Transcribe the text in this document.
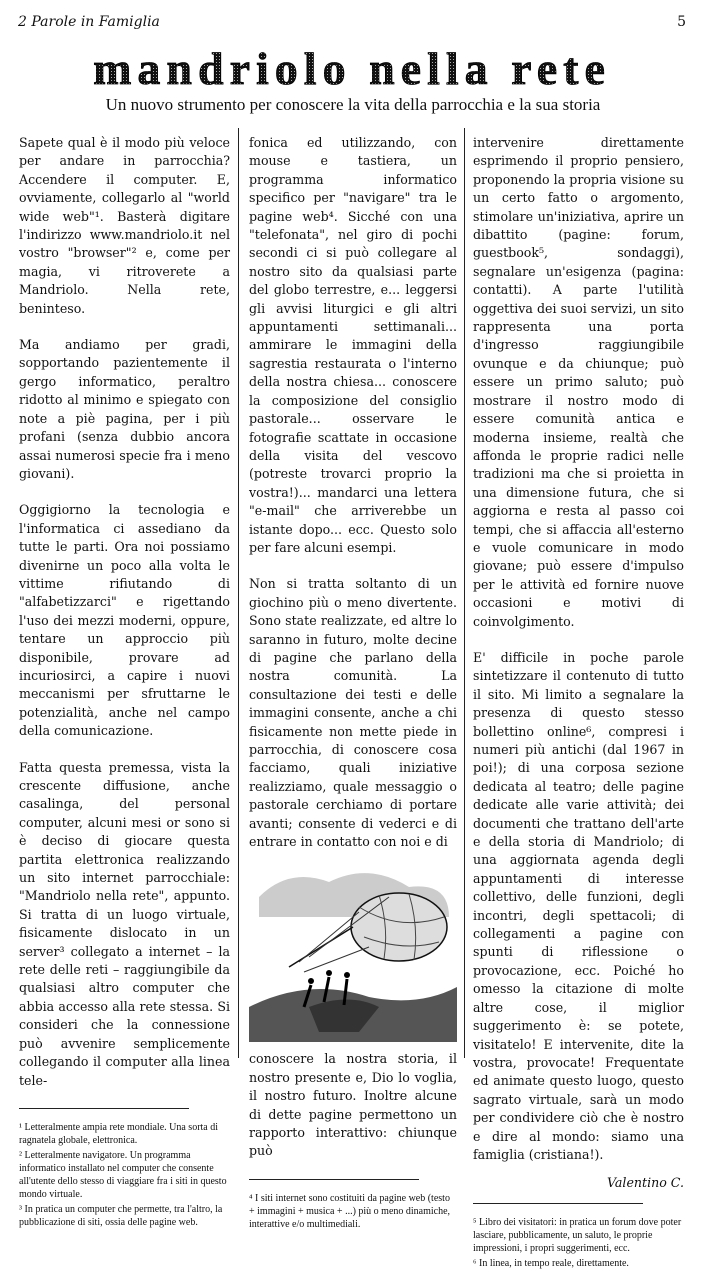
2 Parole in Famiglia	5
mandriolo nella rete
Un nuovo strumento per conoscere la vita della parrocchia e la sua storia

Sapete qual è il modo più veloce per andare in parrocchia? Accendere il computer. E, ovviamente, collegarlo al "world wide web"¹. Basterà digitare l'indirizzo www.mandriolo.it nel vostro "browser"² e, come per magia, vi ritroverete a Mandriolo. Nella rete, beninteso.

Ma andiamo per gradi, sopportando pazientemente il gergo informatico, peraltro ridotto al minimo e spiegato con note a piè pagina, per i più profani (senza dubbio ancora assai numerosi specie fra i meno giovani).

Oggigiorno la tecnologia e l'informatica ci assediano da tutte le parti. Ora noi possiamo divenirne un poco alla volta le vittime rifiutando di "alfabetizzarci" e rigettando l'uso dei mezzi moderni, oppure, tentare un approccio più disponibile, provare ad incuriosirci, a capire i nuovi meccanismi per sfruttarne le potenzialità, anche nel campo della comunicazione.

Fatta questa premessa, vista la crescente diffusione, anche casalinga, del personal computer, alcuni mesi or sono si è deciso di giocare questa partita elettronica realizzando un sito internet parrocchiale: "Mandriolo nella rete", appunto. Si tratta di un luogo virtuale, fisicamente dislocato in un server³ collegato a internet – la rete delle reti – raggiungibile da qualsiasi altro computer che abbia accesso alla rete stessa. Si consideri che la connessione può avvenire semplicemente collegando il computer alla linea tele-

¹ Letteralmente ampia rete mondiale. Una sorta di ragnatela globale, elettronica.
² Letteralmente navigatore. Un programma informatico installato nel computer che consente all'utente dello stesso di viaggiare fra i siti in questo mondo virtuale.
³ In pratica un computer che permette, tra l'altro, la pubblicazione di siti, ossia delle pagine web.

fonica ed utilizzando, con mouse e tastiera, un programma informatico specifico per "navigare" tra le pagine web⁴. Sicché con una "telefonata", nel giro di pochi secondi ci si può collegare al nostro sito da qualsiasi parte del globo terrestre, e... leggersi gli avvisi liturgici e gli altri appuntamenti settimanali... ammirare le immagini della sagrestia restaurata o l'interno della nostra chiesa... conoscere la composizione del consiglio pastorale... osservare le fotografie scattate in occasione della visita del vescovo (potreste trovarci proprio la vostra!)... mandarci una lettera "e-mail" che arriverebbe un istante dopo... ecc. Questo solo per fare alcuni esempi.

Non si tratta soltanto di un giochino più o meno divertente. Sono state realizzate, ed altre lo saranno in futuro, molte decine di pagine che parlano della nostra comunità. La consultazione dei testi e delle immagini consente, anche a chi fisicamente non mette piede in parrocchia, di conoscere cosa facciamo, quali iniziative realizziamo, quale messaggio o pastorale cerchiamo di portare avanti; consente di vederci e di entrare in contatto con noi e di

conoscere la nostra storia, il nostro presente e, Dio lo voglia, il nostro futuro. Inoltre alcune di dette pagine permettono un rapporto interattivo: chiunque può

⁴ I siti internet sono costituiti da pagine web (testo + immagini + musica + ...) più o meno dinamiche, interattive e/o multimediali.

intervenire direttamente esprimendo il proprio pensiero, proponendo la propria visione su un certo fatto o argomento, stimolare un'iniziativa, aprire un dibattito (pagine: forum, guestbook⁵, sondaggi), segnalare un'esigenza (pagina: contatti). A parte l'utilità oggettiva dei suoi servizi, un sito rappresenta una porta d'ingresso raggiungibile ovunque e da chiunque; può essere un primo saluto; può mostrare il nostro modo di essere comunità antica e moderna insieme, realtà che affonda le proprie radici nelle tradizioni ma che si proietta in una dimensione futura, che si aggiorna e resta al passo coi tempi, che si affaccia all'esterno e vuole comunicare in modo giovane; può essere d'impulso per le attività ed fornire nuove occasioni e motivi di coinvolgimento.

E' difficile in poche parole sintetizzare il contenuto di tutto il sito. Mi limito a segnalare la presenza di questo stesso bollettino online⁶, compresi i numeri più antichi (dal 1967 in poi!); di una corposa sezione dedicata al teatro; delle pagine dedicate alle varie attività; dei documenti che trattano dell'arte e della storia di Mandriolo; di una aggiornata agenda degli appuntamenti di interesse collettivo, delle funzioni, degli incontri, degli spettacoli; di collegamenti a pagine con spunti di riflessione o provocazione, ecc. Poiché ho omesso la citazione di molte altre cose, il miglior suggerimento è: se potete, visitatelo! E intervenite, dite la vostra, provocate! Frequentate ed animate questo luogo, questo sagrato virtuale, sarà un modo per condividere ciò che è nostro e dire al mondo: siamo una famiglia (cristiana!).

Valentino C.
⁵ Libro dei visitatori: in pratica un forum dove poter lasciare, pubblicamente, un saluto, le proprie impressioni, i propri suggerimenti, ecc.
⁶ In linea, in tempo reale, direttamente.
